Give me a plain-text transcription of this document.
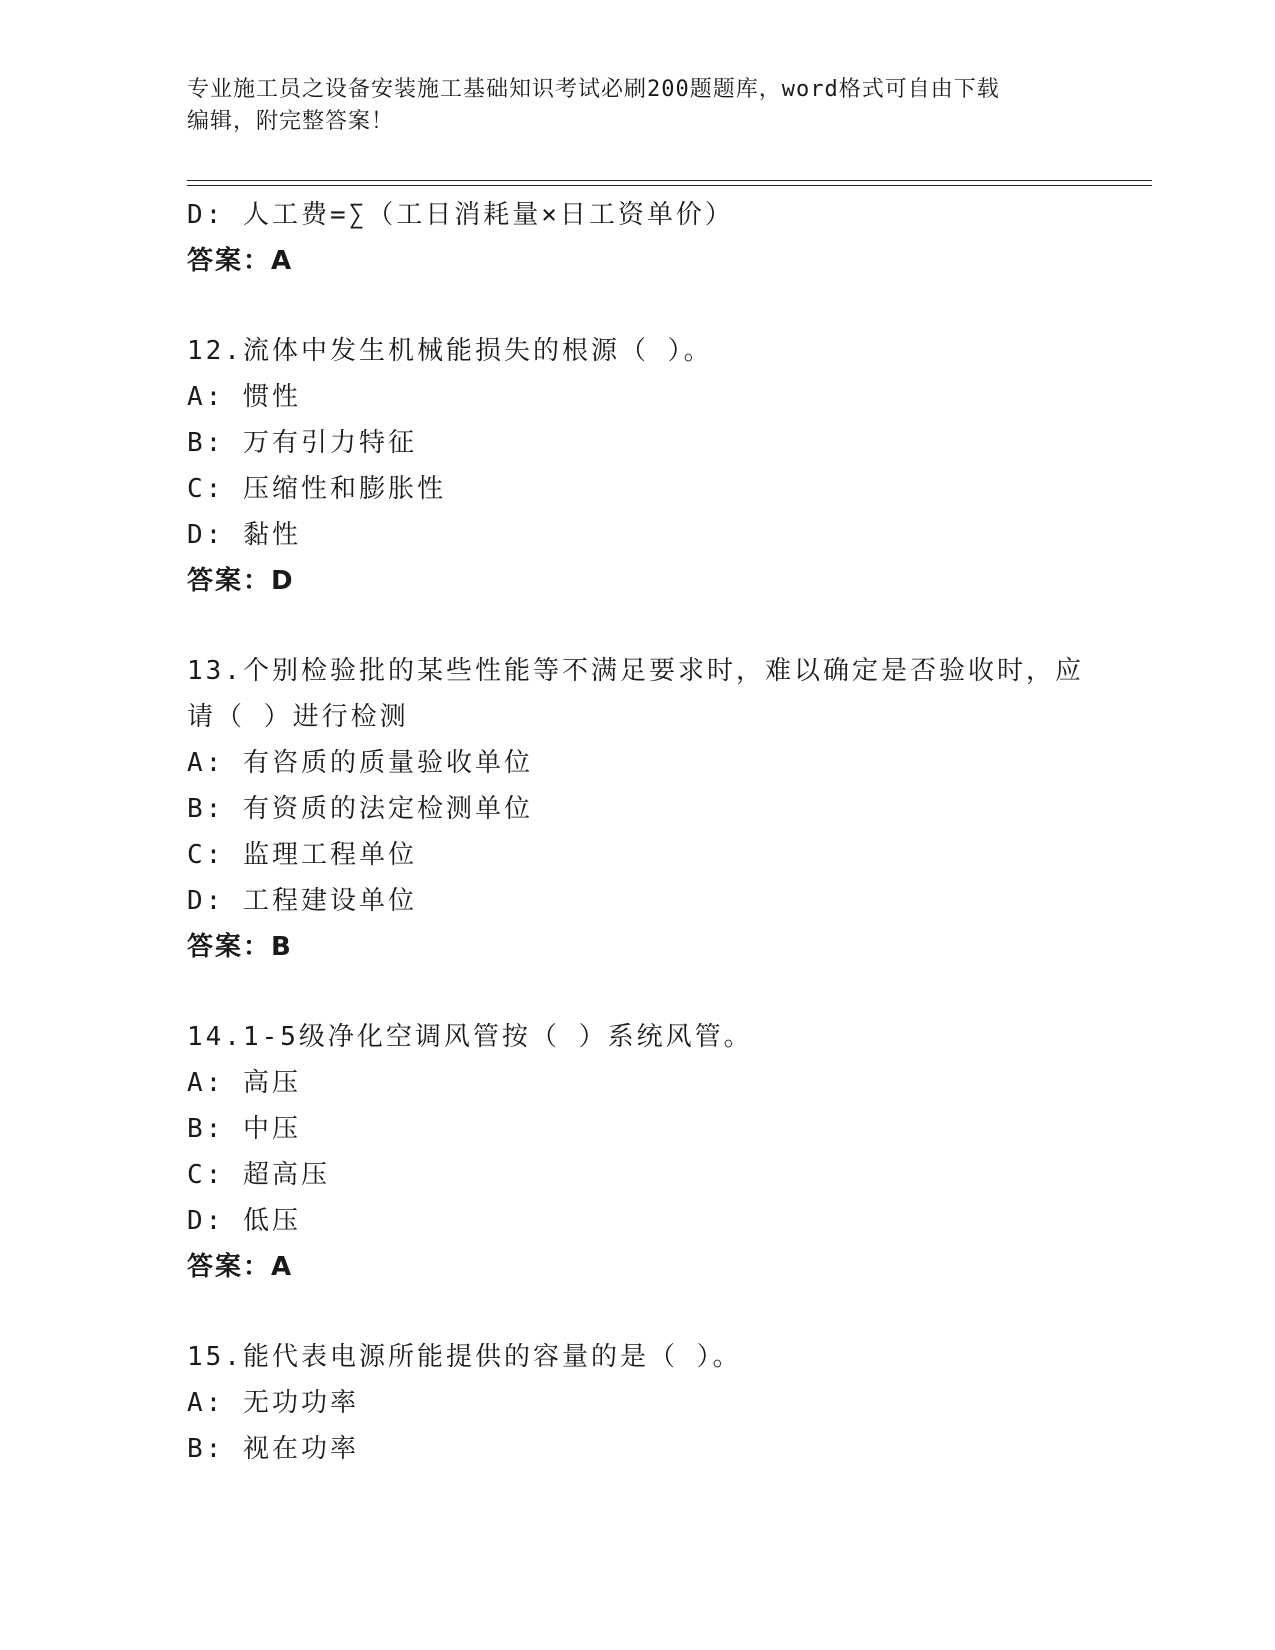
专业施工员之设备安装施工基础知识考试必刷200题题库，word格式可自由下载
编辑，附完整答案！
D: 人工费=∑（工日消耗量×日工资单价）
答案：A
12.流体中发生机械能损失的根源（ ）。
A: 惯性
B: 万有引力特征
C: 压缩性和膨胀性
D: 黏性
答案：D
13.个别检验批的某些性能等不满足要求时，难以确定是否验收时，应
请（ ）进行检测
A: 有咨质的质量验收单位
B: 有资质的法定检测单位
C: 监理工程单位
D: 工程建设单位
答案：B
14.1-5级净化空调风管按（ ）系统风管。
A: 高压
B: 中压
C: 超高压
D: 低压
答案：A
15.能代表电源所能提供的容量的是（ ）。
A: 无功功率
B: 视在功率
